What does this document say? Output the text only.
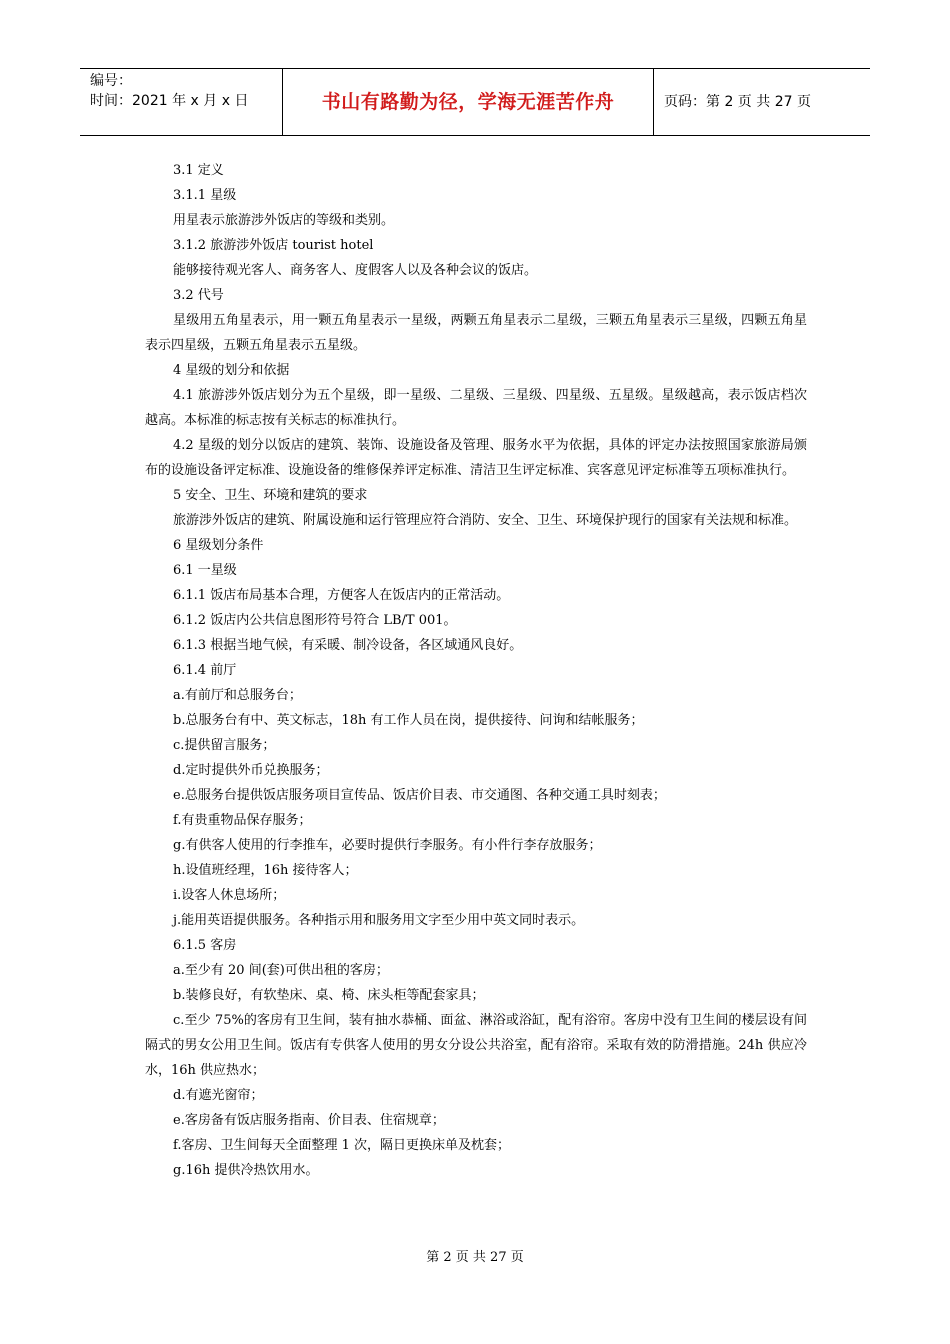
编号：
时间：2021 年 x 月 x 日	书山有路勤为径，学海无涯苦作舟	页码：第 2 页 共 27 页

3.1 定义

3.1.1 星级

用星表示旅游涉外饭店的等级和类别。

3.1.2 旅游涉外饭店 tourist hotel

能够接待观光客人、商务客人、度假客人以及各种会议的饭店。

3.2 代号

星级用五角星表示，用一颗五角星表示一星级，两颗五角星表示二星级，三颗五角星表示三星级，四颗五角星表示四星级，五颗五角星表示五星级。

4 星级的划分和依据

4.1 旅游涉外饭店划分为五个星级，即一星级、二星级、三星级、四星级、五星级。星级越高，表示饭店档次越高。本标准的标志按有关标志的标准执行。

4.2 星级的划分以饭店的建筑、装饰、设施设备及管理、服务水平为依据，具体的评定办法按照国家旅游局颁布的设施设备评定标准、设施设备的维修保养评定标准、清洁卫生评定标准、宾客意见评定标准等五项标准执行。

5 安全、卫生、环境和建筑的要求

旅游涉外饭店的建筑、附属设施和运行管理应符合消防、安全、卫生、环境保护现行的国家有关法规和标准。

6 星级划分条件

6.1 一星级

6.1.1 饭店布局基本合理，方便客人在饭店内的正常活动。

6.1.2 饭店内公共信息图形符号符合 LB/T 001。

6.1.3 根据当地气候，有采暖、制冷设备，各区域通风良好。

6.1.4 前厅

a.有前厅和总服务台；

b.总服务台有中、英文标志，18h 有工作人员在岗，提供接待、问询和结帐服务；

c.提供留言服务；

d.定时提供外币兑换服务；

e.总服务台提供饭店服务项目宣传品、饭店价目表、市交通图、各种交通工具时刻表；

f.有贵重物品保存服务；

g.有供客人使用的行李推车，必要时提供行李服务。有小件行李存放服务；

h.设值班经理，16h 接待客人；

i.设客人休息场所；

j.能用英语提供服务。各种指示用和服务用文字至少用中英文同时表示。

6.1.5 客房

a.至少有 20 间(套)可供出租的客房；

b.装修良好，有软垫床、桌、椅、床头柜等配套家具；

c.至少 75%的客房有卫生间，装有抽水恭桶、面盆、淋浴或浴缸，配有浴帘。客房中没有卫生间的楼层设有间隔式的男女公用卫生间。饭店有专供客人使用的男女分设公共浴室，配有浴帘。采取有效的防滑措施。24h 供应冷水，16h 供应热水；

d.有遮光窗帘；

e.客房备有饭店服务指南、价目表、住宿规章；

f.客房、卫生间每天全面整理 1 次，隔日更换床单及枕套；

g.16h 提供冷热饮用水。

第 2 页 共 27 页
